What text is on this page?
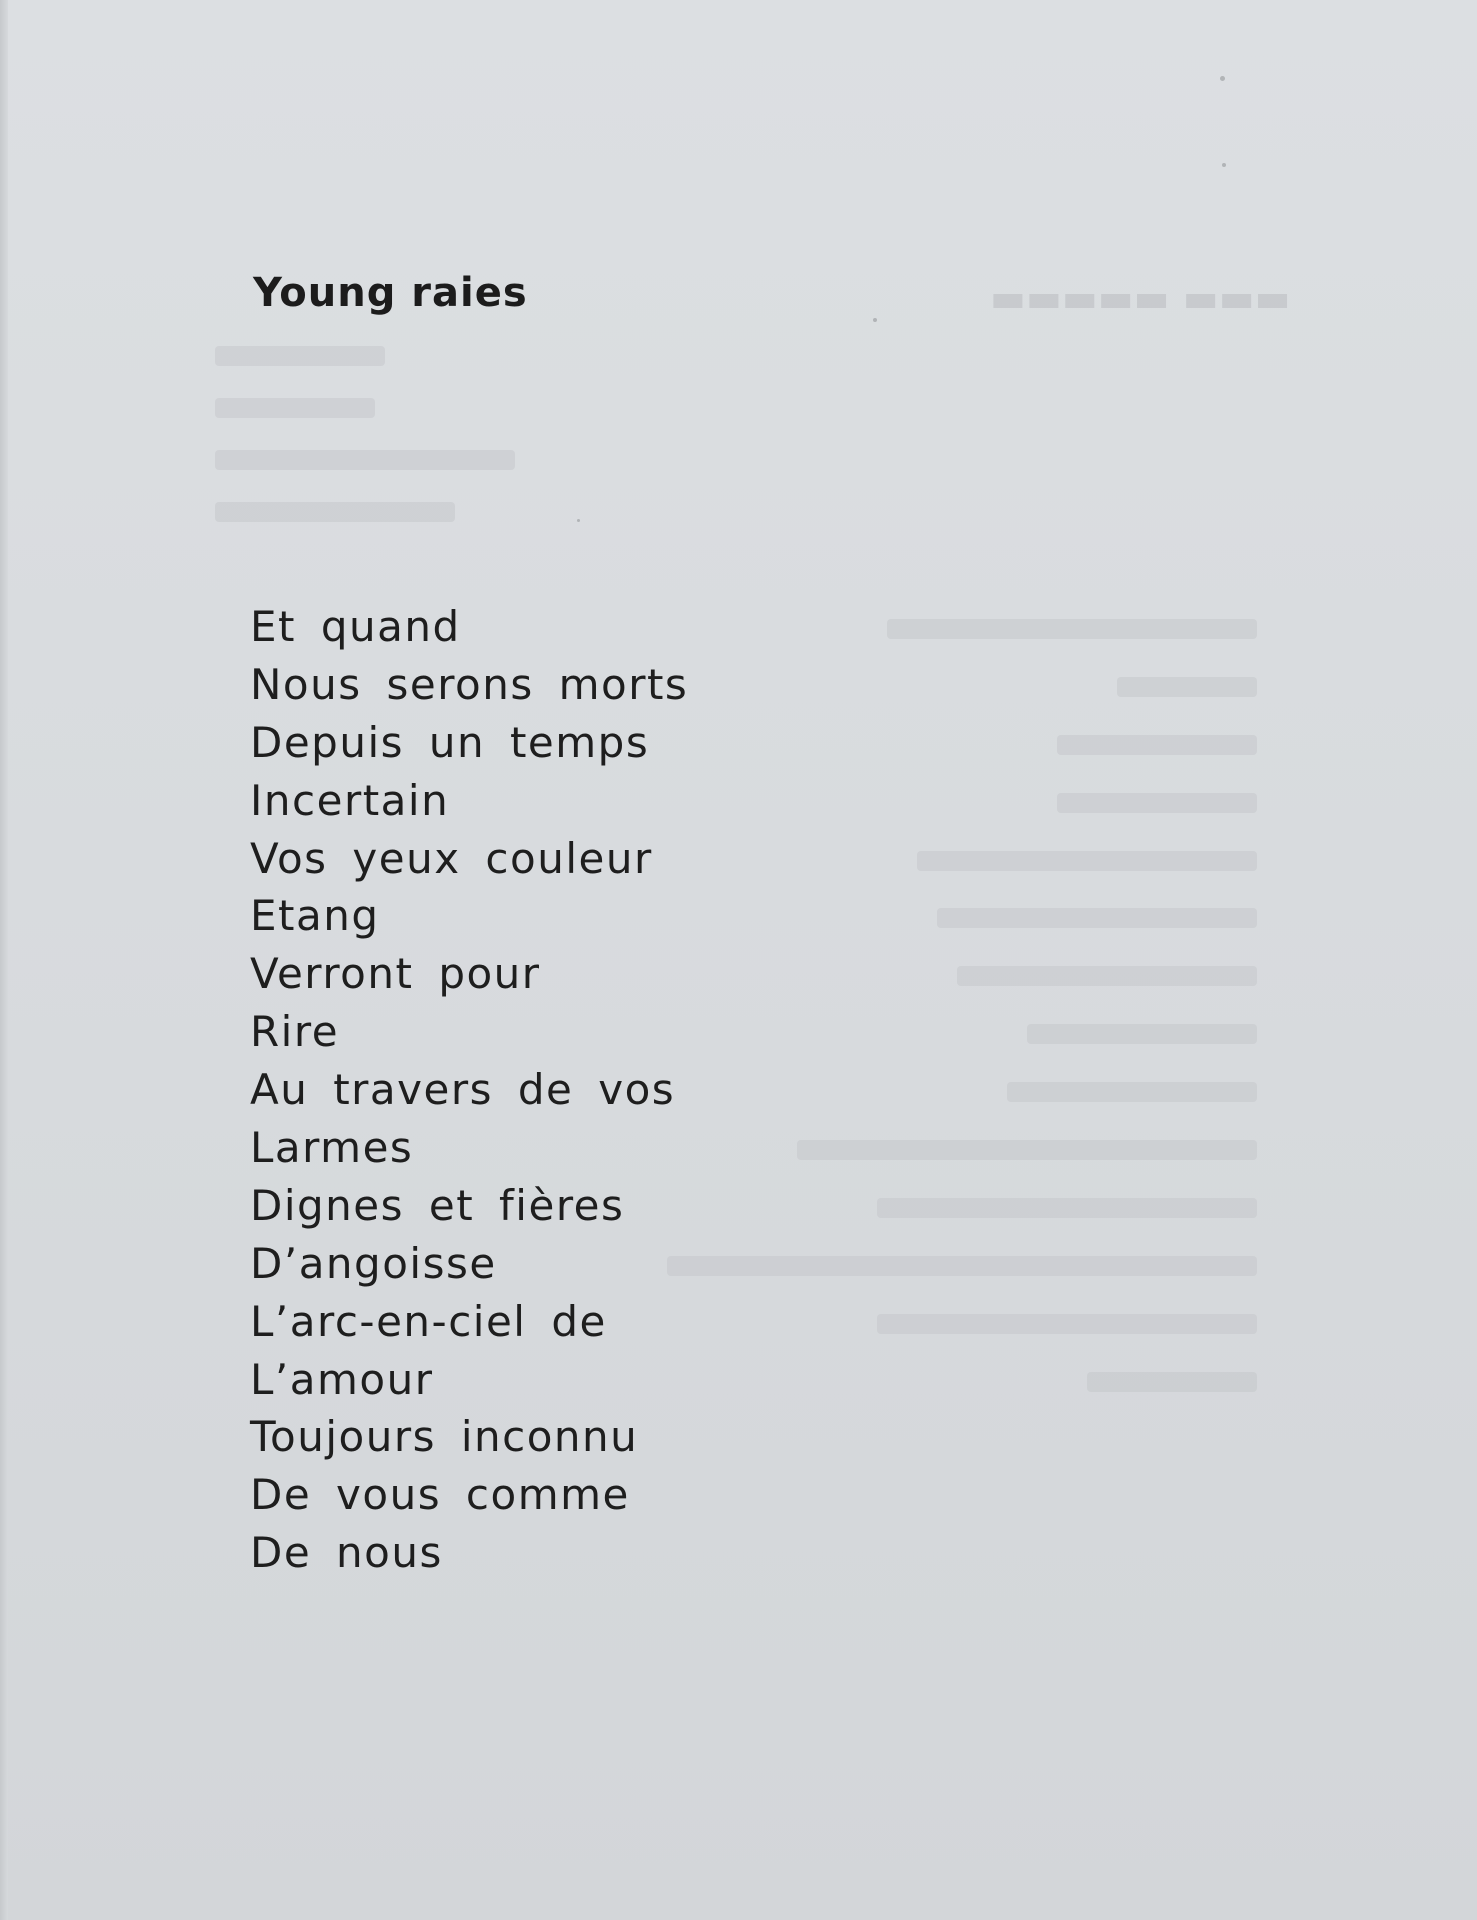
▬▬▬ ▬▬▬▬▬
Young raies
Et quand
Nous serons morts
Depuis un temps
Incertain
Vos yeux couleur
Etang
Verront pour
Rire
Au travers de vos
Larmes
Dignes et fières
D’angoisse
L’arc-en-ciel de
L’amour
Toujours inconnu
De vous comme
De nous
